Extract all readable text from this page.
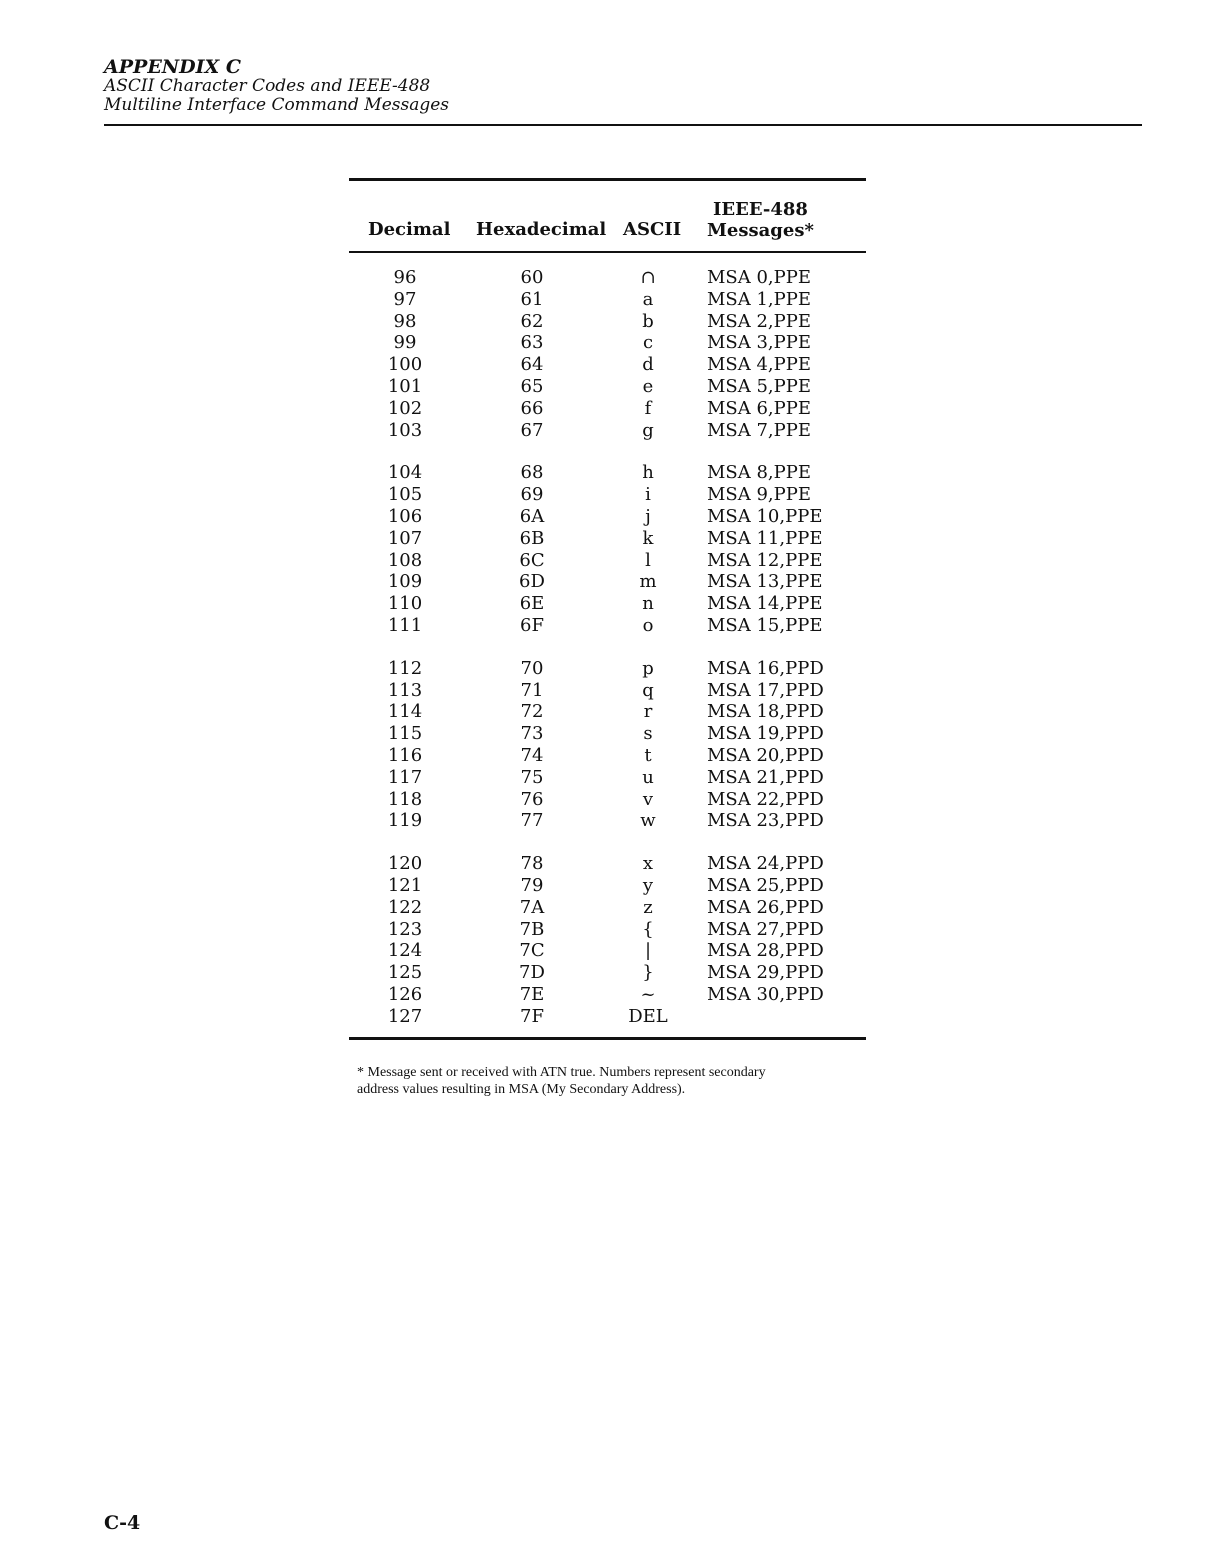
APPENDIX C
ASCII Character Codes and IEEE-488
Multiline Interface Command Messages
Decimal Hexadecimal ASCII
IEEE-488
Messages*
96	60	∩	MSA 0,PPE
97	61	a	MSA 1,PPE
98	62	b	MSA 2,PPE
99	63	c	MSA 3,PPE
100	64	d	MSA 4,PPE
101	65	e	MSA 5,PPE
102	66	f	MSA 6,PPE
103	67	g	MSA 7,PPE
104	68	h	MSA 8,PPE
105	69	i	MSA 9,PPE
106	6A	j	MSA 10,PPE
107	6B	k	MSA 11,PPE
108	6C	l	MSA 12,PPE
109	6D	m	MSA 13,PPE
110	6E	n	MSA 14,PPE
111	6F	o	MSA 15,PPE
112	70	p	MSA 16,PPD
113	71	q	MSA 17,PPD
114	72	r	MSA 18,PPD
115	73	s	MSA 19,PPD
116	74	t	MSA 20,PPD
117	75	u	MSA 21,PPD
118	76	v	MSA 22,PPD
119	77	w	MSA 23,PPD
120	78	x	MSA 24,PPD
121	79	y	MSA 25,PPD
122	7A	z	MSA 26,PPD
123	7B	{	MSA 27,PPD
124	7C	|	MSA 28,PPD
125	7D	}	MSA 29,PPD
126	7E	~	MSA 30,PPD
127	7F	DEL
* Message sent or received with ATN true. Numbers represent secondary
address values resulting in MSA (My Secondary Address).
C-4
